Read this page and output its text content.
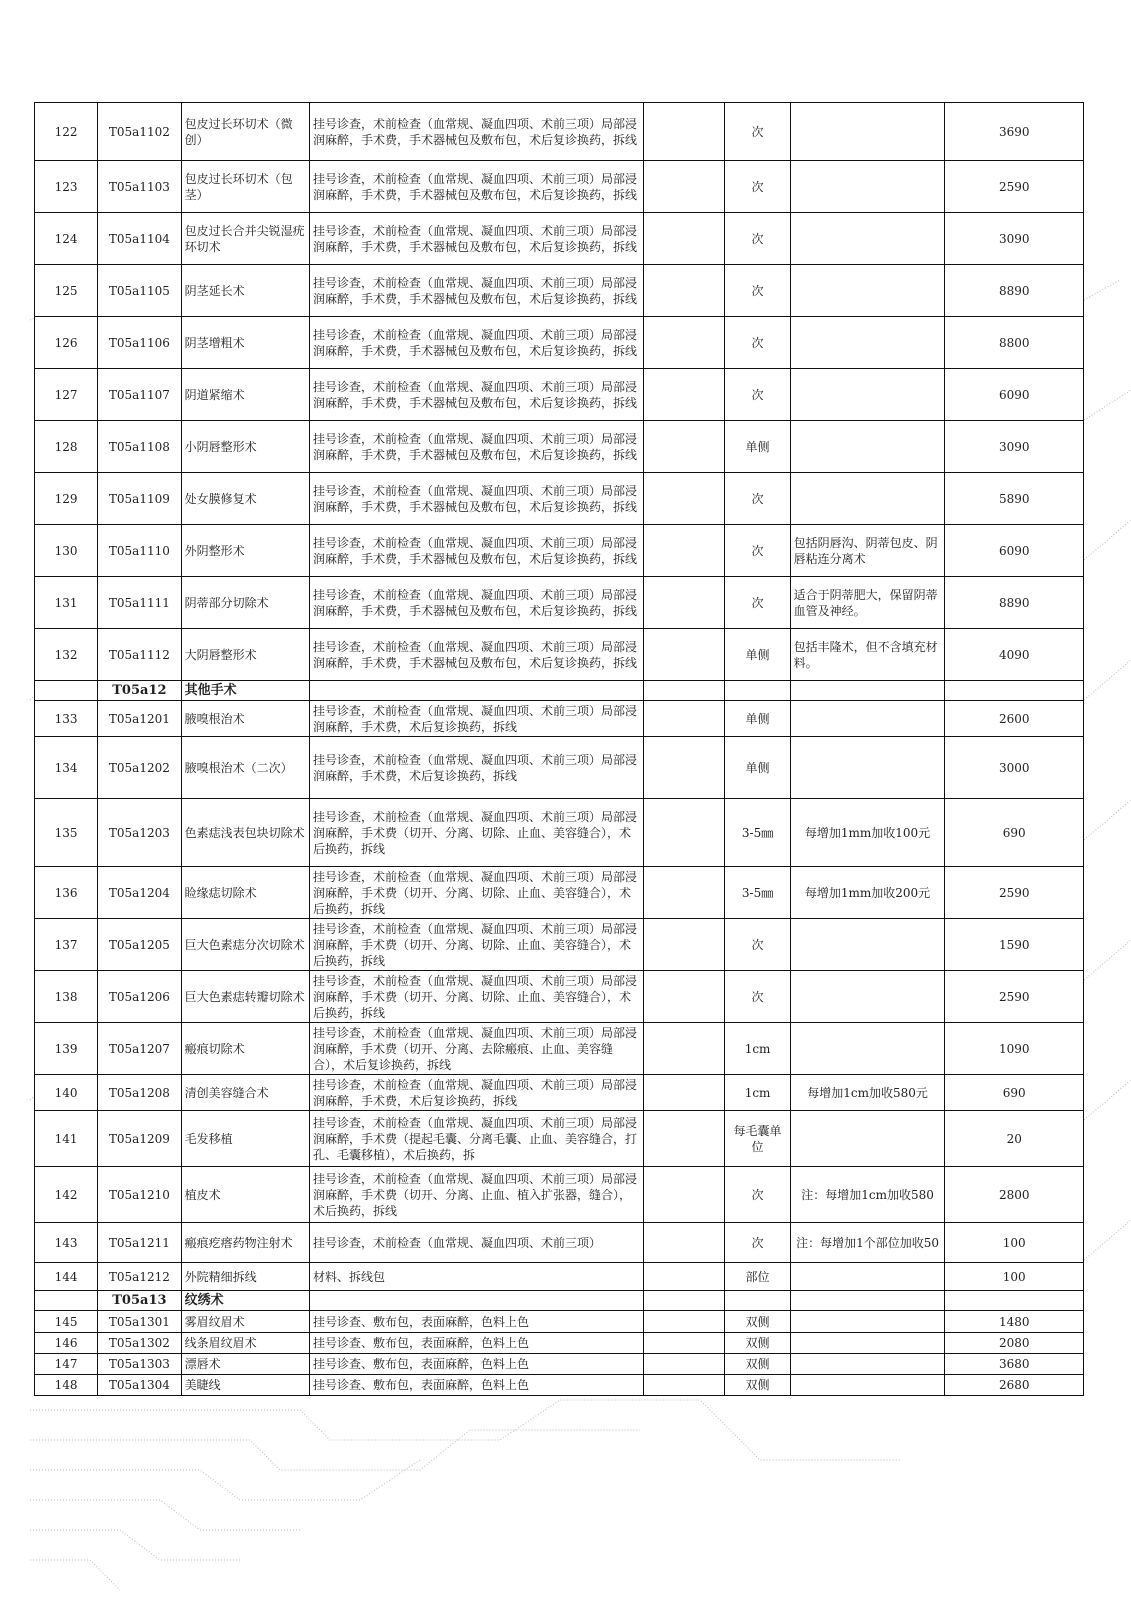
122	T05a1102	包皮过长环切术（微创）	挂号诊查，术前检查（血常规、凝血四项、术前三项）局部浸润麻醉，手术费，手术器械包及敷布包，术后复诊换药，拆线		次		3690
123	T05a1103	包皮过长环切术（包茎）	挂号诊查，术前检查（血常规、凝血四项、术前三项）局部浸润麻醉，手术费，手术器械包及敷布包，术后复诊换药，拆线		次		2590
124	T05a1104	包皮过长合并尖锐湿疣环切术	挂号诊查，术前检查（血常规、凝血四项、术前三项）局部浸润麻醉，手术费，手术器械包及敷布包，术后复诊换药，拆线		次		3090
125	T05a1105	阴茎延长术	挂号诊查，术前检查（血常规、凝血四项、术前三项）局部浸润麻醉，手术费，手术器械包及敷布包，术后复诊换药，拆线		次		8890
126	T05a1106	阴茎增粗术	挂号诊查，术前检查（血常规、凝血四项、术前三项）局部浸润麻醉，手术费，手术器械包及敷布包，术后复诊换药，拆线		次		8800
127	T05a1107	阴道紧缩术	挂号诊查，术前检查（血常规、凝血四项、术前三项）局部浸润麻醉，手术费，手术器械包及敷布包，术后复诊换药，拆线		次		6090
128	T05a1108	小阴唇整形术	挂号诊查，术前检查（血常规、凝血四项、术前三项）局部浸润麻醉，手术费，手术器械包及敷布包，术后复诊换药，拆线		单侧		3090
129	T05a1109	处女膜修复术	挂号诊查，术前检查（血常规、凝血四项、术前三项）局部浸润麻醉，手术费，手术器械包及敷布包，术后复诊换药，拆线		次		5890
130	T05a1110	外阴整形术	挂号诊查，术前检查（血常规、凝血四项、术前三项）局部浸润麻醉，手术费，手术器械包及敷布包，术后复诊换药，拆线		次	包括阴唇沟、阴蒂包皮、阴唇粘连分离术	6090
131	T05a1111	阴蒂部分切除术	挂号诊查，术前检查（血常规、凝血四项、术前三项）局部浸润麻醉，手术费，手术器械包及敷布包，术后复诊换药，拆线		次	适合于阴蒂肥大，保留阴蒂血管及神经。	8890
132	T05a1112	大阴唇整形术	挂号诊查，术前检查（血常规、凝血四项、术前三项）局部浸润麻醉，手术费，手术器械包及敷布包，术后复诊换药，拆线		单侧	包括丰隆术，但不含填充材料。	4090
	T05a12	其他手术					
133	T05a1201	腋嗅根治术	挂号诊查，术前检查（血常规、凝血四项、术前三项）局部浸润麻醉，手术费，术后复诊换药，拆线		单侧		2600
134	T05a1202	腋嗅根治术（二次）	挂号诊查，术前检查（血常规、凝血四项、术前三项）局部浸润麻醉，手术费，术后复诊换药，拆线		单侧		3000
135	T05a1203	色素痣浅表包块切除术	挂号诊查，术前检查（血常规、凝血四项、术前三项）局部浸润麻醉，手术费（切开、分离、切除、止血、美容缝合），术后换药，拆线		3-5㎜	每增加1mm加收100元	690
136	T05a1204	睑缘痣切除术	挂号诊查，术前检查（血常规、凝血四项、术前三项）局部浸润麻醉，手术费（切开、分离、切除、止血、美容缝合），术后换药，拆线		3-5㎜	每增加1mm加收200元	2590
137	T05a1205	巨大色素痣分次切除术	挂号诊查，术前检查（血常规、凝血四项、术前三项）局部浸润麻醉，手术费（切开、分离、切除、止血、美容缝合），术后换药，拆线		次		1590
138	T05a1206	巨大色素痣转瓣切除术	挂号诊查，术前检查（血常规、凝血四项、术前三项）局部浸润麻醉，手术费（切开、分离、切除、止血、美容缝合），术后换药，拆线		次		2590
139	T05a1207	瘢痕切除术	挂号诊查，术前检查（血常规、凝血四项、术前三项）局部浸润麻醉，手术费（切开、分离、去除瘢痕、止血、美容缝合），术后复诊换药，拆线		1cm		1090
140	T05a1208	清创美容缝合术	挂号诊查，术前检查（血常规、凝血四项、术前三项）局部浸润麻醉，手术费，术后复诊换药，拆线		1cm	每增加1cm加收580元	690
141	T05a1209	毛发移植	挂号诊查，术前检查（血常规、凝血四项、术前三项）局部浸润麻醉，手术费（提起毛囊、分离毛囊、止血、美容缝合，打孔、毛囊移植），术后换药，拆		每毛囊单位		20
142	T05a1210	植皮术	挂号诊查，术前检查（血常规、凝血四项、术前三项）局部浸润麻醉，手术费（切开、分离、止血、植入扩张器，缝合），术后换药，拆线		次	注：每增加1cm加收580	2800
143	T05a1211	瘢痕疙瘩药物注射术	挂号诊查，术前检查（血常规、凝血四项、术前三项）		次	注：每增加1个部位加收50	100
144	T05a1212	外院精细拆线	材料、拆线包		部位		100
	T05a13	纹绣术					
145	T05a1301	雾眉纹眉术	挂号诊查、敷布包，表面麻醉，色料上色		双侧		1480
146	T05a1302	线条眉纹眉术	挂号诊查、敷布包，表面麻醉，色料上色		双侧		2080
147	T05a1303	漂唇术	挂号诊查、敷布包，表面麻醉，色料上色		双侧		3680
148	T05a1304	美睫线	挂号诊查、敷布包，表面麻醉，色料上色		双侧		2680
